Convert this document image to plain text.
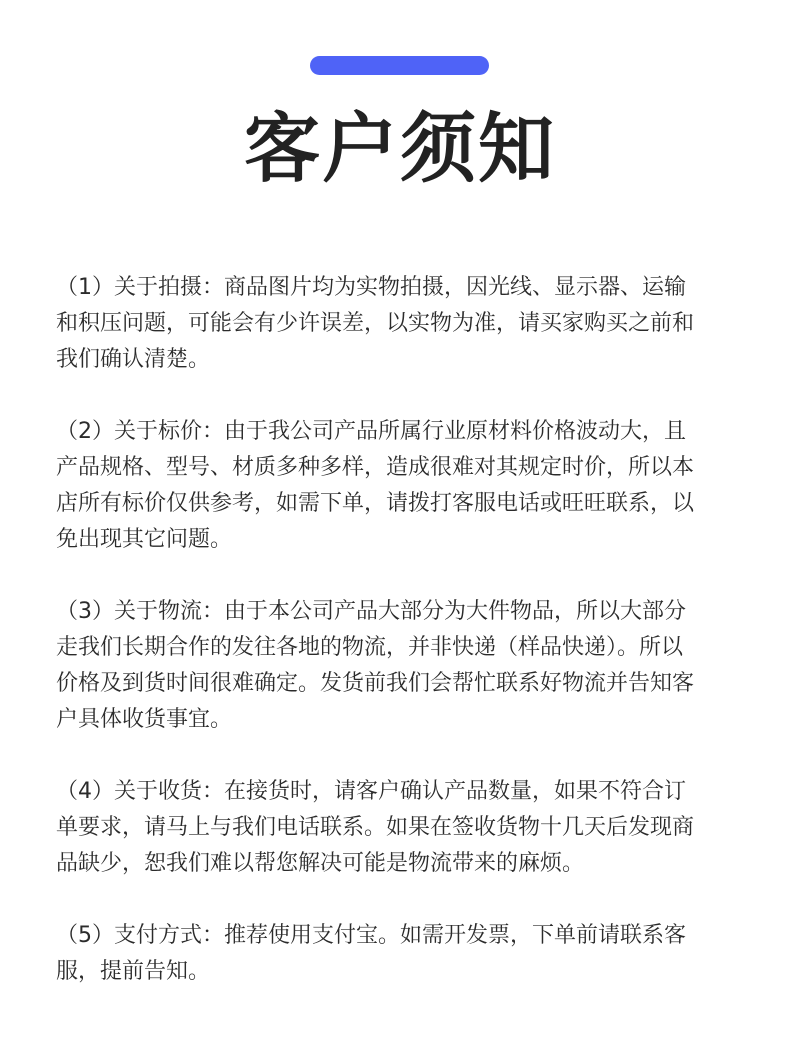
客户须知

（1）关于拍摄：商品图片均为实物拍摄，因光线、显示器、运输
和积压问题，可能会有少许误差，以实物为准，请买家购买之前和
我们确认清楚。

（2）关于标价：由于我公司产品所属行业原材料价格波动大，且
产品规格、型号、材质多种多样，造成很难对其规定时价，所以本
店所有标价仅供参考，如需下单，请拨打客服电话或旺旺联系，以
免出现其它问题。

（3）关于物流：由于本公司产品大部分为大件物品，所以大部分
走我们长期合作的发往各地的物流，并非快递（样品快递）。所以
价格及到货时间很难确定。发货前我们会帮忙联系好物流并告知客
户具体收货事宜。

（4）关于收货：在接货时，请客户确认产品数量，如果不符合订
单要求，请马上与我们电话联系。如果在签收货物十几天后发现商
品缺少，恕我们难以帮您解决可能是物流带来的麻烦。

（5）支付方式：推荐使用支付宝。如需开发票，下单前请联系客
服，提前告知。
